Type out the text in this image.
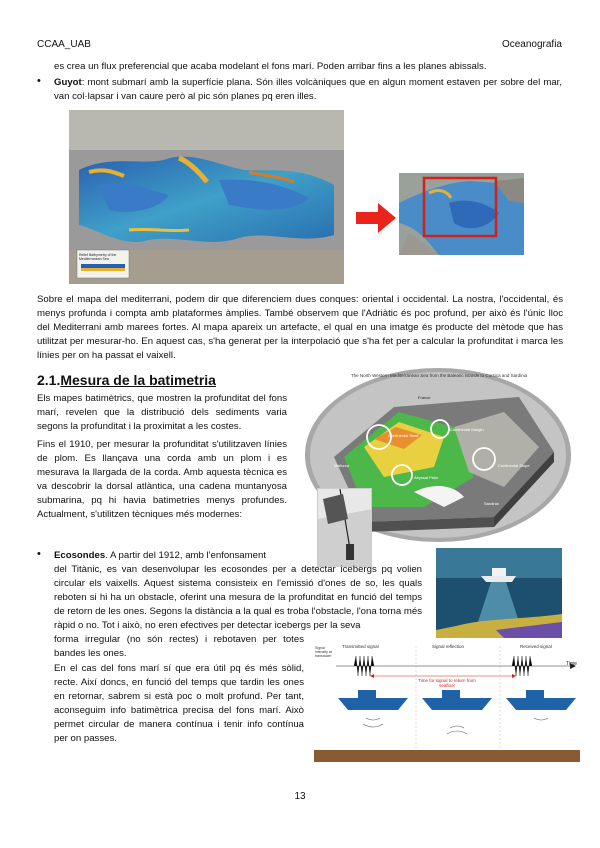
CCAA_UAB	Oceanografia
es crea un flux preferencial que acaba modelant el fons marí. Poden arribar fins a les planes abissals.
• Guyot: mont submarí amb la superfície plana. Són illes volcàniques que en algun moment estaven per sobre del mar, van col·lapsar i van caure però al pic són planes pq eren illes.
Relief Bathymetry of the Mediterranean Sea
Sobre el mapa del mediterrani, podem dir que diferenciem dues conques: oriental i occidental. La nostra, l'occidental, és menys profunda i compta amb plataformes àmplies. També observem que l'Adriàtic és poc profund, per això és l'únic lloc del Mediterrani amb marees fortes. Al mapa apareix un artefacte, el qual en una imatge és producte del mètode que has utilitzat per mesurar-ho. En aquest cas, s'ha generat per la interpolació que s'ha fet per a calcular la profunditat i marca les línies per on ha passat el vaixell.
2.1.Mesura de la batimetria
Els mapes batimètrics, que mostren la profunditat del fons marí, revelen que la distribució dels sediments varia segons la profunditat i la proximitat a les costes.
Fins el 1910, per mesurar la profunditat s'utilitzaven línies de plom. Es llançava una corda amb un plom i es mesurava la llargada de la corda. Amb aquesta tècnica es va descobrir la dorsal atlàntica, una cadena muntanyosa submarina, pq hi havia batimetries menys profundes. Actualment, s'utilitzen tècniques més modernes:
The North Western Mediterranean Sea from the Balearic Islands to Corsica and Sardinia
France
Continental Shelf
Continental Margin
Continental Slope
Abyssal Plain
Sardinia
Mallorca
• Ecosondes. A partir del 1912, amb l'enfonsament
del Titànic, es van desenvolupar les ecosondes per a detectar icebergs pq volien circular els vaixells. Aquest sistema consisteix en l'emissió d'ones de so, les quals reboten si hi ha un obstacle, oferint una mesura de la profunditat en funció del temps de retorn de les ones. Segons la distància a la qual es troba l'obstacle, l'ona torna més ràpid o no. Tot i això, no eren efectives per detectar icebergs per la seva
forma irregular (no són rectes) i rebotaven per totes
bandes les ones.
En el cas del fons marí sí que era útil pq és més sòlid, recte. Així doncs, en funció del temps que tardin les ones en retornar, sabrem si està poc o molt profund. Per tant, aconseguim info batimètrica precisa del fons marí. Això permet circular de manera contínua i tenir info contínua per on passes.
Transmitted signal	Signal reflection	Received signal
Time
Signal intensity at transducer
Time for signal to return from seafloor
13
